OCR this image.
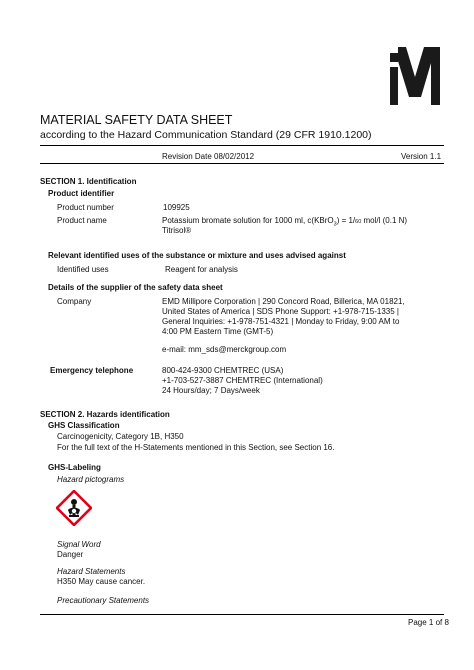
MATERIAL SAFETY DATA SHEET
according to the Hazard Communication Standard (29 CFR 1910.1200)
Revision Date 08/02/2012	Version 1.1
SECTION 1. Identification
Product identifier
Product number	109925
Product name	Potassium bromate solution for 1000 ml, c(KBrO$_3$) = 1/60 mol/l (0.1 N)
Titrisol®
Relevant identified uses of the substance or mixture and uses advised against
Identified uses	Reagent for analysis
Details of the supplier of the safety data sheet
Company	EMD Millipore Corporation | 290 Concord Road, Billerica, MA 01821,
United States of America | SDS Phone Support: +1-978-715-1335 |
General Inquiries: +1-978-751-4321 | Monday to Friday, 9:00 AM to
4:00 PM Eastern Time (GMT-5)
e-mail: mm_sds@merckgroup.com
Emergency telephone	800-424-9300 CHEMTREC (USA)
+1-703-527-3887 CHEMTREC (International)
24 Hours/day; 7 Days/week
SECTION 2. Hazards identification
GHS Classification
Carcinogenicity, Category 1B, H350
For the full text of the H-Statements mentioned in this Section, see Section 16.
GHS-Labeling
Hazard pictograms
Signal Word
Danger
Hazard Statements
H350 May cause cancer.
Precautionary Statements
Page 1 of 8
